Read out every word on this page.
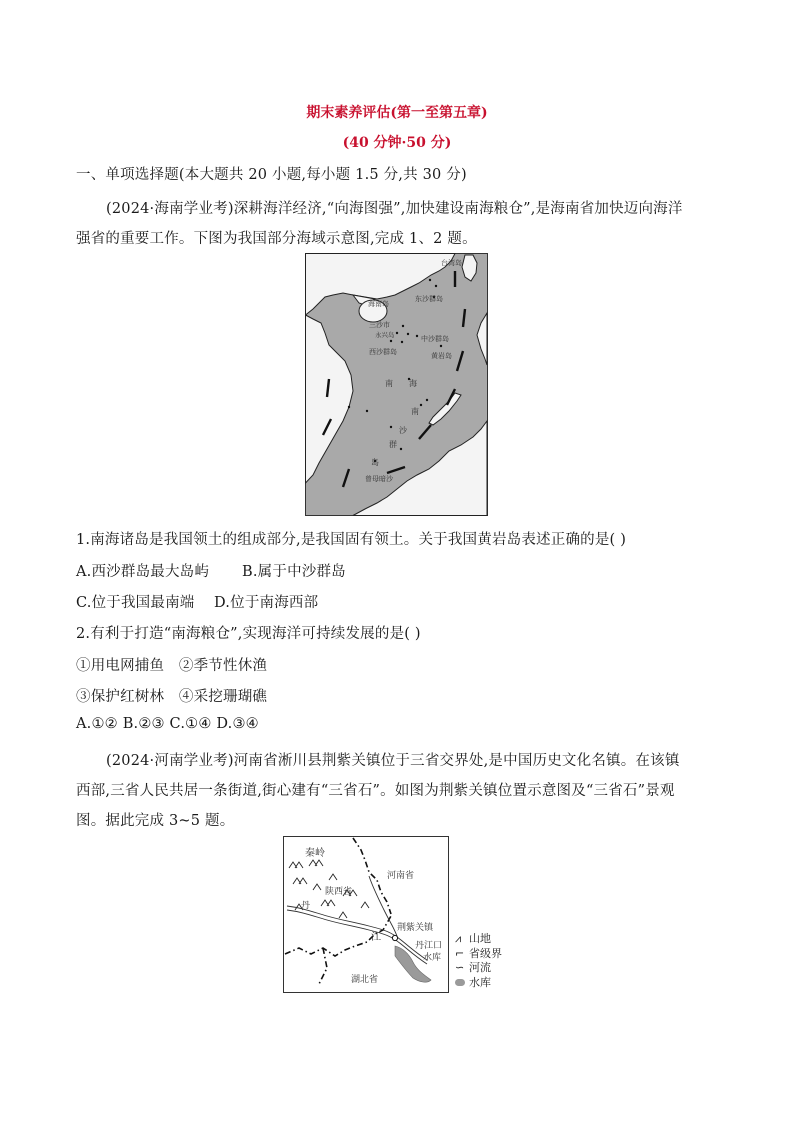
期末素养评估(第一至第五章)
(40 分钟·50 分)
一、单项选择题(本大题共 20 小题,每小题 1.5 分,共 30 分)
(2024·海南学业考)深耕海洋经济,“向海图强”,加快建设南海粮仓”,是海南省加快迈向海洋
强省的重要工作。下图为我国部分海域示意图,完成 1、2 题。
台湾岛
海南岛
东沙群岛
三沙市
永兴岛	中沙群岛
西沙群岛	黄岩岛
南 海
南
沙
群
岛
曾母暗沙
1.南海诸岛是我国领土的组成部分,是我国固有领土。关于我国黄岩岛表述正确的是( )
A.西沙群岛最大岛屿 B.属于中沙群岛
C.位于我国最南端 D.位于南海西部
2.有利于打造“南海粮仓”,实现海洋可持续发展的是( )
①用电网捕鱼　②季节性休渔
③保护红树林　④采挖珊瑚礁
A.①② B.②③ C.①④ D.③④
(2024·河南学业考)河南省淅川县荆紫关镇位于三省交界处,是中国历史文化名镇。在该镇
西部,三省人民共居一条街道,街心建有“三省石”。如图为荆紫关镇位置示意图及“三省石”景观
图。据此完成 3~5 题。
秦岭
河南省
陕西省
丹
江
荆紫关镇
丹江口
水库
湖北省
⩘ 山地
⌐ 省级界
∽ 河流
水库
